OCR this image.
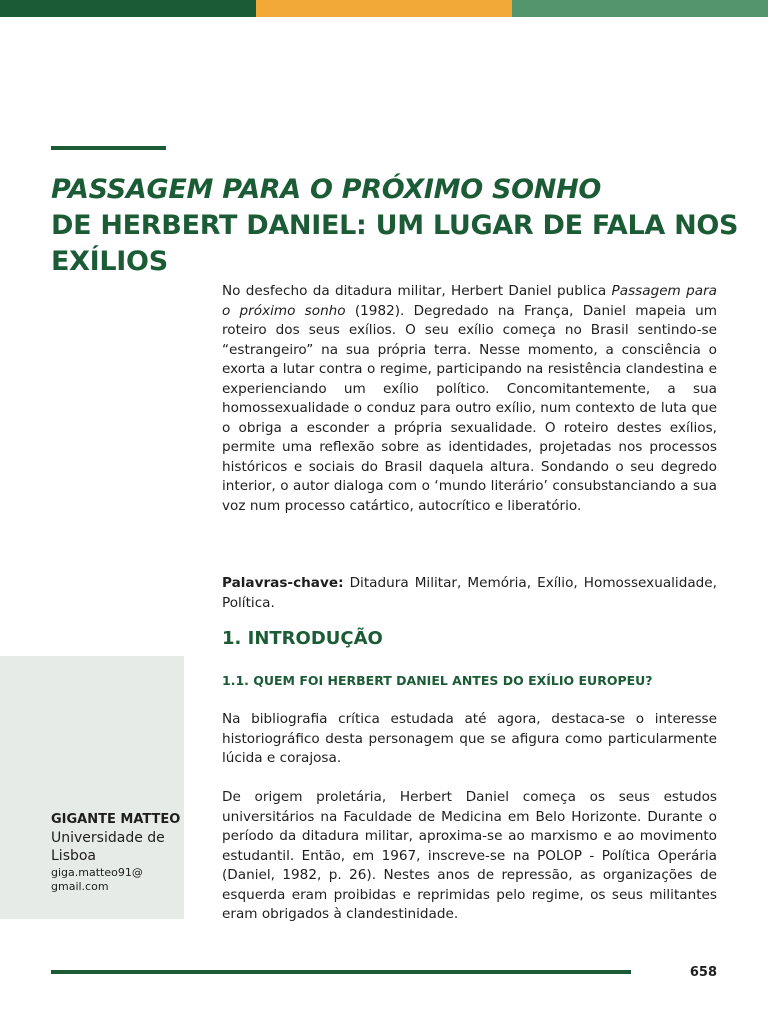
PASSAGEM PARA O PRÓXIMO SONHO
DE HERBERT DANIEL: UM LUGAR DE FALA NOS EXÍLIOS

No desfecho da ditadura militar, Herbert Daniel publica Passagem para o próximo sonho (1982). Degredado na França, Daniel mapeia um roteiro dos seus exílios. O seu exílio começa no Brasil sentindo-se “estrangeiro” na sua própria terra. Nesse momento, a consciência o exorta a lutar contra o regime, participando na resistência clandestina e experienciando um exílio político. Concomitantemente, a sua homossexualidade o conduz para outro exílio, num contexto de luta que o obriga a esconder a própria sexualidade. O roteiro destes exílios, permite uma reflexão sobre as identidades, projetadas nos processos históricos e sociais do Brasil daquela altura. Sondando o seu degredo interior, o autor dialoga com o ‘mundo literário’ consubstanciando a sua voz num processo catártico, autocrítico e liberatório.

Palavras-chave: Ditadura Militar, Memória, Exílio, Homossexualidade, Política.
1. INTRODUÇÃO
1.1. QUEM FOI HERBERT DANIEL ANTES DO EXÍLIO EUROPEU?

Na bibliografia crítica estudada até agora, destaca-se o interesse historiográfico desta personagem que se afigura como particularmente lúcida e corajosa.

De origem proletária, Herbert Daniel começa os seus estudos universitários na Faculdade de Medicina em Belo Horizonte. Durante o período da ditadura militar, aproxima-se ao marxismo e ao movimento estudantil. Então, em 1967, inscreve-se na POLOP - Política Operária (Daniel, 1982, p. 26). Nestes anos de repressão, as organizações de esquerda eram proibidas e reprimidas pelo regime, os seus militantes eram obrigados à clandestinidade.

GIGANTE MATTEO
Universidade de Lisboa
giga.matteo91@ gmail.com
658
